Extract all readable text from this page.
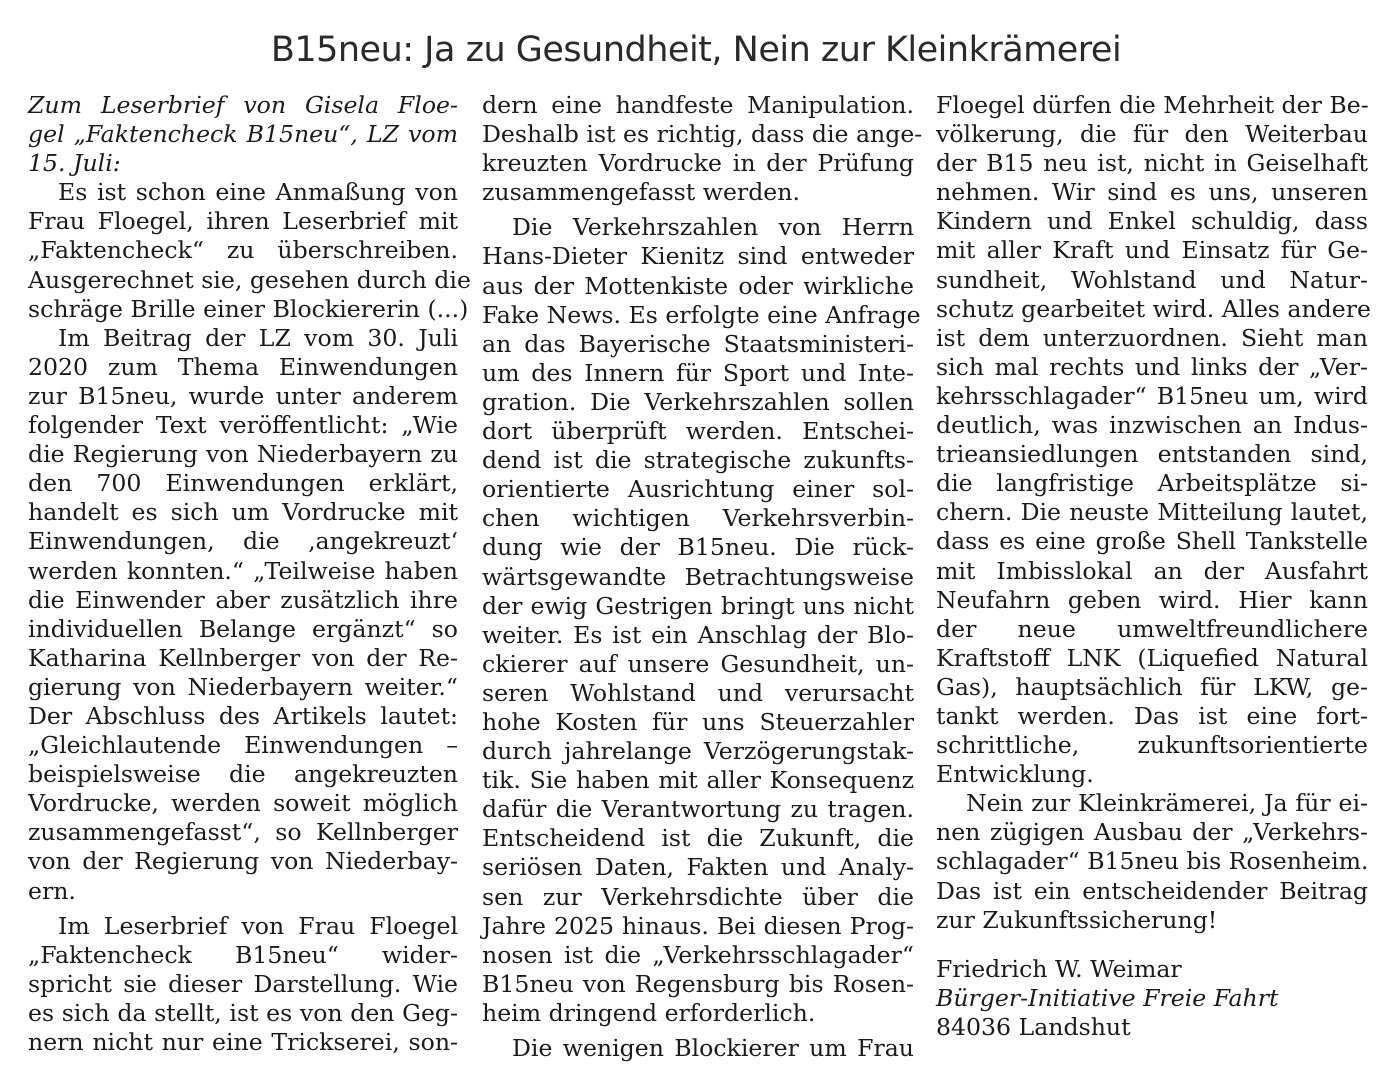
B15neu: Ja zu Gesundheit, Nein zur Kleinkrämerei
Zum Leserbrief von Gisela Floe-
gel „Faktencheck B15neu“, LZ vom
15. Juli:
Es ist schon eine Anmaßung von
Frau Floegel, ihren Leserbrief mit
„Faktencheck“ zu überschreiben.
Ausgerechnet sie, gesehen durch die
schräge Brille einer Blockiererin (...)
Im Beitrag der LZ vom 30. Juli
2020 zum Thema Einwendungen
zur B15neu, wurde unter anderem
folgender Text veröffentlicht: „Wie
die Regierung von Niederbayern zu
den 700 Einwendungen erklärt,
handelt es sich um Vordrucke mit
Einwendungen, die ‚angekreuzt‘
werden konnten.“ „Teilweise haben
die Einwender aber zusätzlich ihre
individuellen Belange ergänzt“ so
Katharina Kellnberger von der Re-
gierung von Niederbayern weiter.“
Der Abschluss des Artikels lautet:
„Gleichlautende Einwendungen –
beispielsweise die angekreuzten
Vordrucke, werden soweit möglich
zusammengefasst“, so Kellnberger
von der Regierung von Niederbay-
ern.
Im Leserbrief von Frau Floegel
„Faktencheck B15neu“ wider-
spricht sie dieser Darstellung. Wie
es sich da stellt, ist es von den Geg-
nern nicht nur eine Trickserei, son-
dern eine handfeste Manipulation.
Deshalb ist es richtig, dass die ange-
kreuzten Vordrucke in der Prüfung
zusammengefasst werden.
Die Verkehrszahlen von Herrn
Hans-Dieter Kienitz sind entweder
aus der Mottenkiste oder wirkliche
Fake News. Es erfolgte eine Anfrage
an das Bayerische Staatsministeri-
um des Innern für Sport und Inte-
gration. Die Verkehrszahlen sollen
dort überprüft werden. Entschei-
dend ist die strategische zukunfts-
orientierte Ausrichtung einer sol-
chen wichtigen Verkehrsverbin-
dung wie der B15neu. Die rück-
wärtsgewandte Betrachtungsweise
der ewig Gestrigen bringt uns nicht
weiter. Es ist ein Anschlag der Blo-
ckierer auf unsere Gesundheit, un-
seren Wohlstand und verursacht
hohe Kosten für uns Steuerzahler
durch jahrelange Verzögerungstak-
tik. Sie haben mit aller Konsequenz
dafür die Verantwortung zu tragen.
Entscheidend ist die Zukunft, die
seriösen Daten, Fakten und Analy-
sen zur Verkehrsdichte über die
Jahre 2025 hinaus. Bei diesen Prog-
nosen ist die „Verkehrsschlagader“
B15neu von Regensburg bis Rosen-
heim dringend erforderlich.
Die wenigen Blockierer um Frau
Floegel dürfen die Mehrheit der Be-
völkerung, die für den Weiterbau
der B15 neu ist, nicht in Geiselhaft
nehmen. Wir sind es uns, unseren
Kindern und Enkel schuldig, dass
mit aller Kraft und Einsatz für Ge-
sundheit, Wohlstand und Natur-
schutz gearbeitet wird. Alles andere
ist dem unterzuordnen. Sieht man
sich mal rechts und links der „Ver-
kehrsschlagader“ B15neu um, wird
deutlich, was inzwischen an Indus-
trieansiedlungen entstanden sind,
die langfristige Arbeitsplätze si-
chern. Die neuste Mitteilung lautet,
dass es eine große Shell Tankstelle
mit Imbisslokal an der Ausfahrt
Neufahrn geben wird. Hier kann
der neue umweltfreundlichere
Kraftstoff LNK (Liquefied Natural
Gas), hauptsächlich für LKW, ge-
tankt werden. Das ist eine fort-
schrittliche, zukunftsorientierte
Entwicklung.
Nein zur Kleinkrämerei, Ja für ei-
nen zügigen Ausbau der „Verkehrs-
schlagader“ B15neu bis Rosenheim.
Das ist ein entscheidender Beitrag
zur Zukunftssicherung!
Friedrich W. Weimar
Bürger-Initiative Freie Fahrt
84036 Landshut
